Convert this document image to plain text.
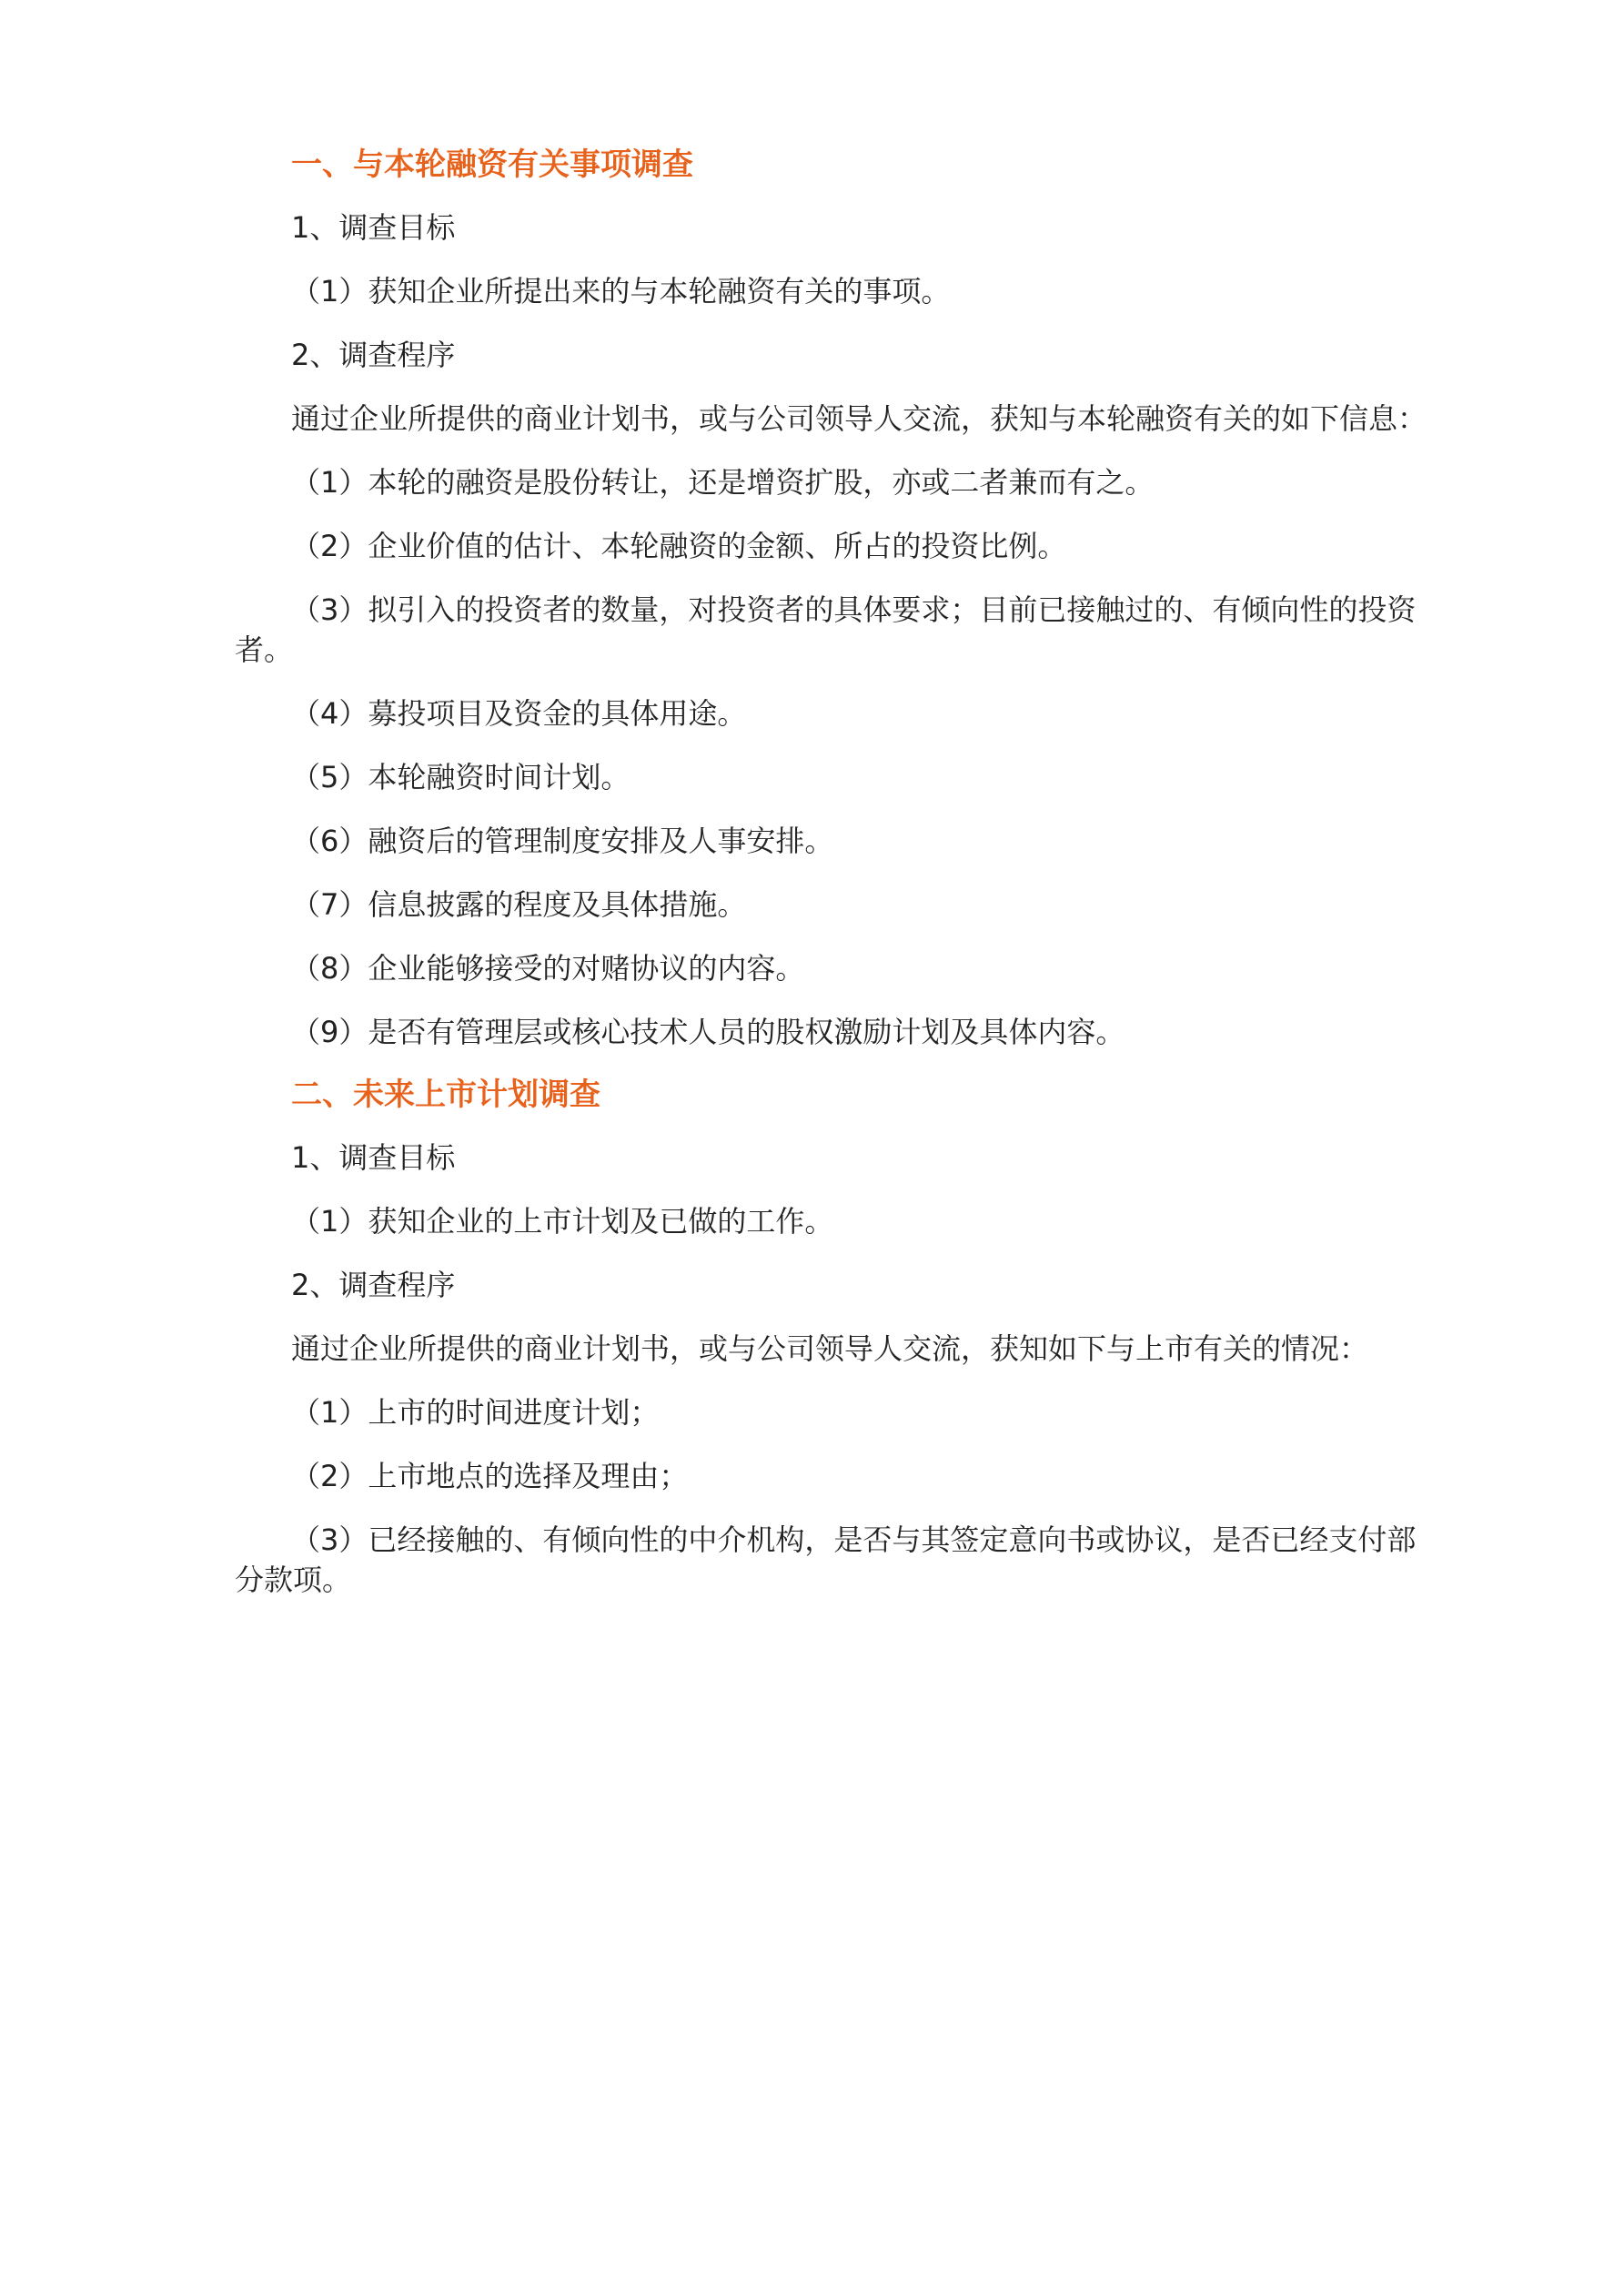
一、与本轮融资有关事项调查
1、调查目标
（1）获知企业所提出来的与本轮融资有关的事项。
2、调查程序
通过企业所提供的商业计划书，或与公司领导人交流，获知与本轮融资有关的如下信息：
（1）本轮的融资是股份转让，还是增资扩股，亦或二者兼而有之。
（2）企业价值的估计、本轮融资的金额、所占的投资比例。
（3）拟引入的投资者的数量，对投资者的具体要求；目前已接触过的、有倾向性的投资者。
（4）募投项目及资金的具体用途。
（5）本轮融资时间计划。
（6）融资后的管理制度安排及人事安排。
（7）信息披露的程度及具体措施。
（8）企业能够接受的对赌协议的内容。
（9）是否有管理层或核心技术人员的股权激励计划及具体内容。
二、未来上市计划调查
1、调查目标
（1）获知企业的上市计划及已做的工作。
2、调查程序
通过企业所提供的商业计划书，或与公司领导人交流，获知如下与上市有关的情况：
（1）上市的时间进度计划；
（2）上市地点的选择及理由；
（3）已经接触的、有倾向性的中介机构，是否与其签定意向书或协议，是否已经支付部分款项。
